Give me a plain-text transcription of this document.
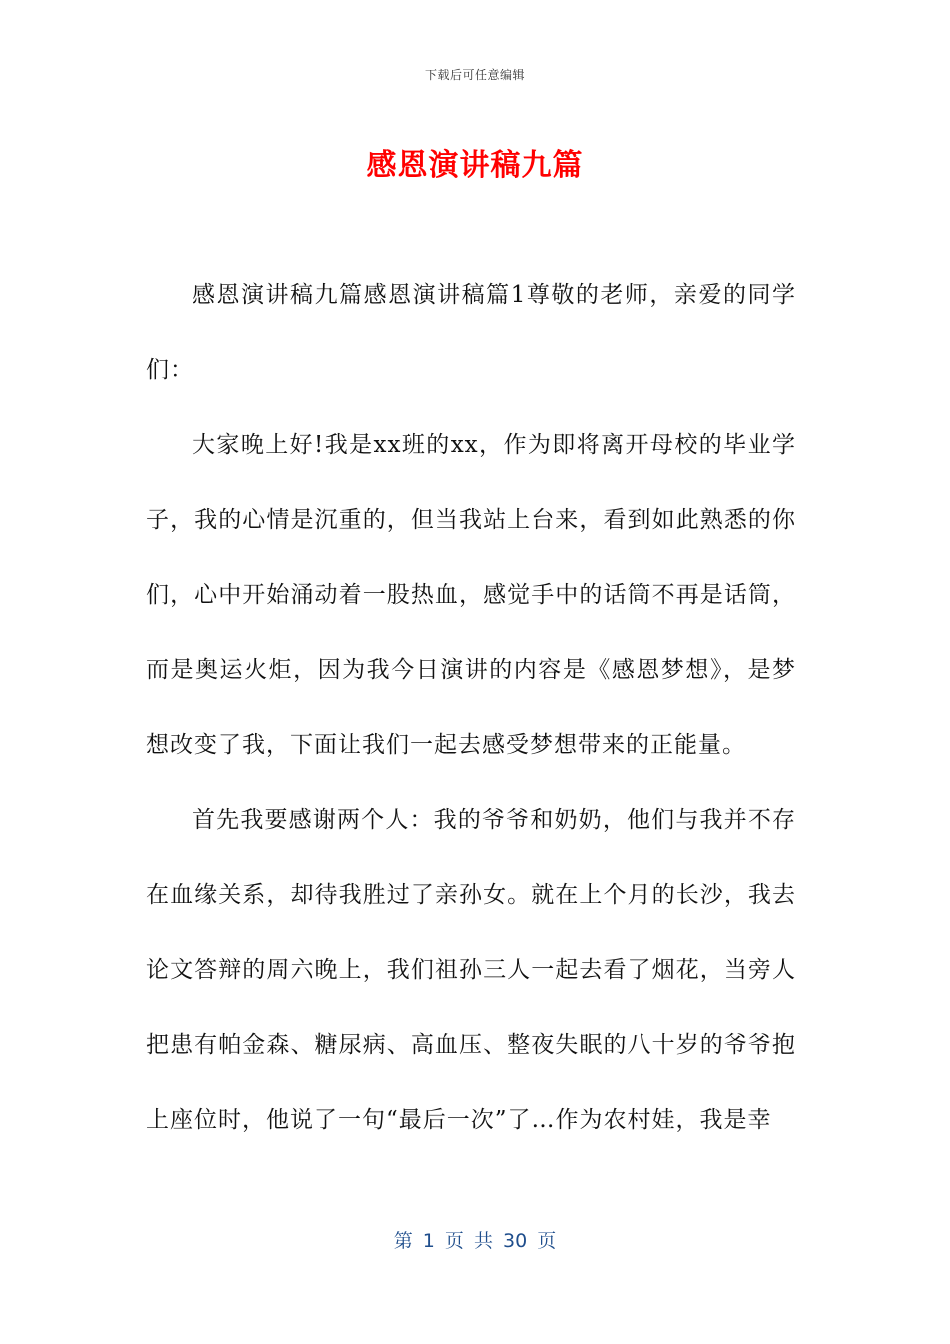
下载后可任意编辑
感恩演讲稿九篇

感恩演讲稿九篇感恩演讲稿篇1尊敬的老师，亲爱的同学们：

大家晚上好!我是xx班的xx，作为即将离开母校的毕业学子，我的心情是沉重的，但当我站上台来，看到如此熟悉的你们，心中开始涌动着一股热血，感觉手中的话筒不再是话筒，而是奥运火炬，因为我今日演讲的内容是《感恩梦想》，是梦想改变了我，下面让我们一起去感受梦想带来的正能量。

首先我要感谢两个人：我的爷爷和奶奶，他们与我并不存在血缘关系，却待我胜过了亲孙女。就在上个月的长沙，我去论文答辩的周六晚上，我们祖孙三人一起去看了烟花，当旁人把患有帕金森、糖尿病、高血压、整夜失眠的八十岁的爷爷抱上座位时，他说了一句“最后一次”了…作为农村娃，我是幸

第 1 页 共 30 页
